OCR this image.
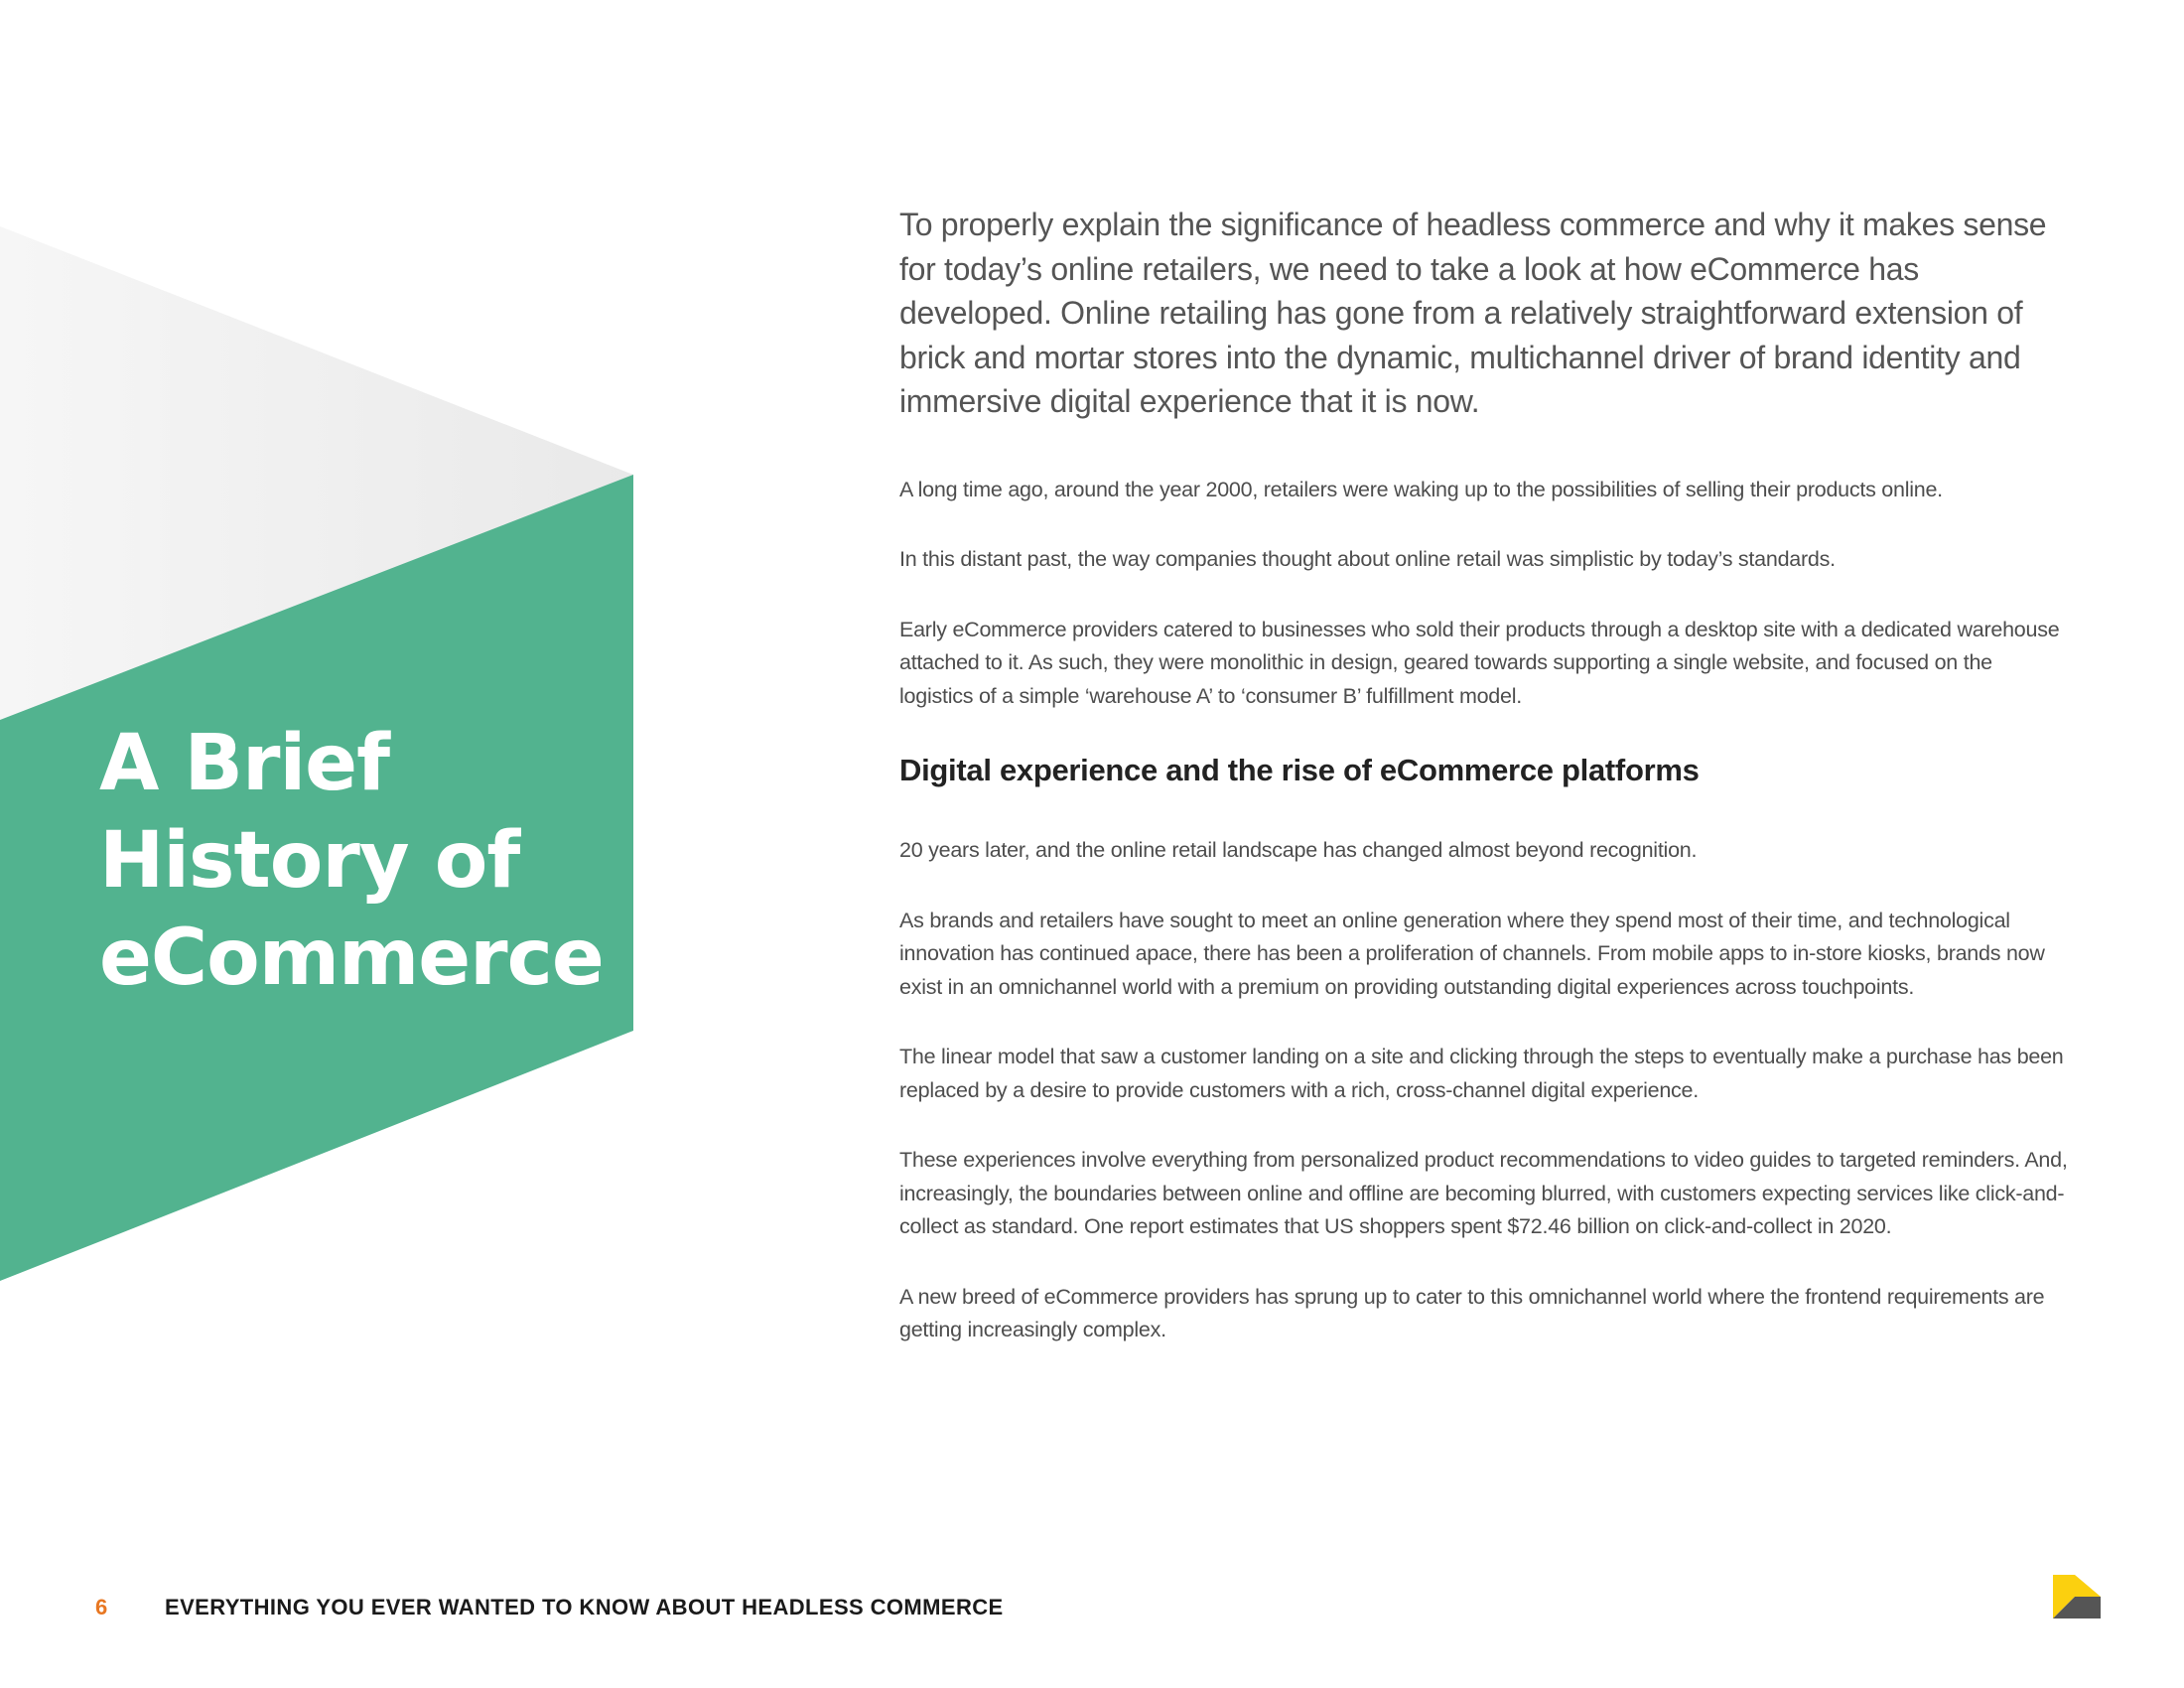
A Brief History of eCommerce

To properly explain the significance of headless commerce and why it makes sense for today’s online retailers, we need to take a look at how eCommerce has developed. Online retailing has gone from a relatively straightforward extension of brick and mortar stores into the dynamic, multichannel driver of brand identity and immersive digital experience that it is now.

A long time ago, around the year 2000, retailers were waking up to the possibilities of selling their products online.

In this distant past, the way companies thought about online retail was simplistic by today’s standards.

Early eCommerce providers catered to businesses who sold their products through a desktop site with a dedicated warehouse attached to it. As such, they were monolithic in design, geared towards supporting a single website, and focused on the logistics of a simple ‘warehouse A’ to ‘consumer B’ fulfillment model.

Digital experience and the rise of eCommerce platforms

20 years later, and the online retail landscape has changed almost beyond recognition.

As brands and retailers have sought to meet an online generation where they spend most of their time, and technological innovation has continued apace, there has been a proliferation of channels. From mobile apps to in-store kiosks, brands now exist in an omnichannel world with a premium on providing outstanding digital experiences across touchpoints.

The linear model that saw a customer landing on a site and clicking through the steps to eventually make a purchase has been replaced by a desire to provide customers with a rich, cross-channel digital experience.

These experiences involve everything from personalized product recommendations to video guides to targeted reminders. And, increasingly, the boundaries between online and offline are becoming blurred, with customers expecting services like click-and-collect as standard. One report estimates that US shoppers spent $72.46 billion on click-and-collect in 2020.

A new breed of eCommerce providers has sprung up to cater to this omnichannel world where the frontend requirements are getting increasingly complex.

6	EVERYTHING YOU EVER WANTED TO KNOW ABOUT HEADLESS COMMERCE
